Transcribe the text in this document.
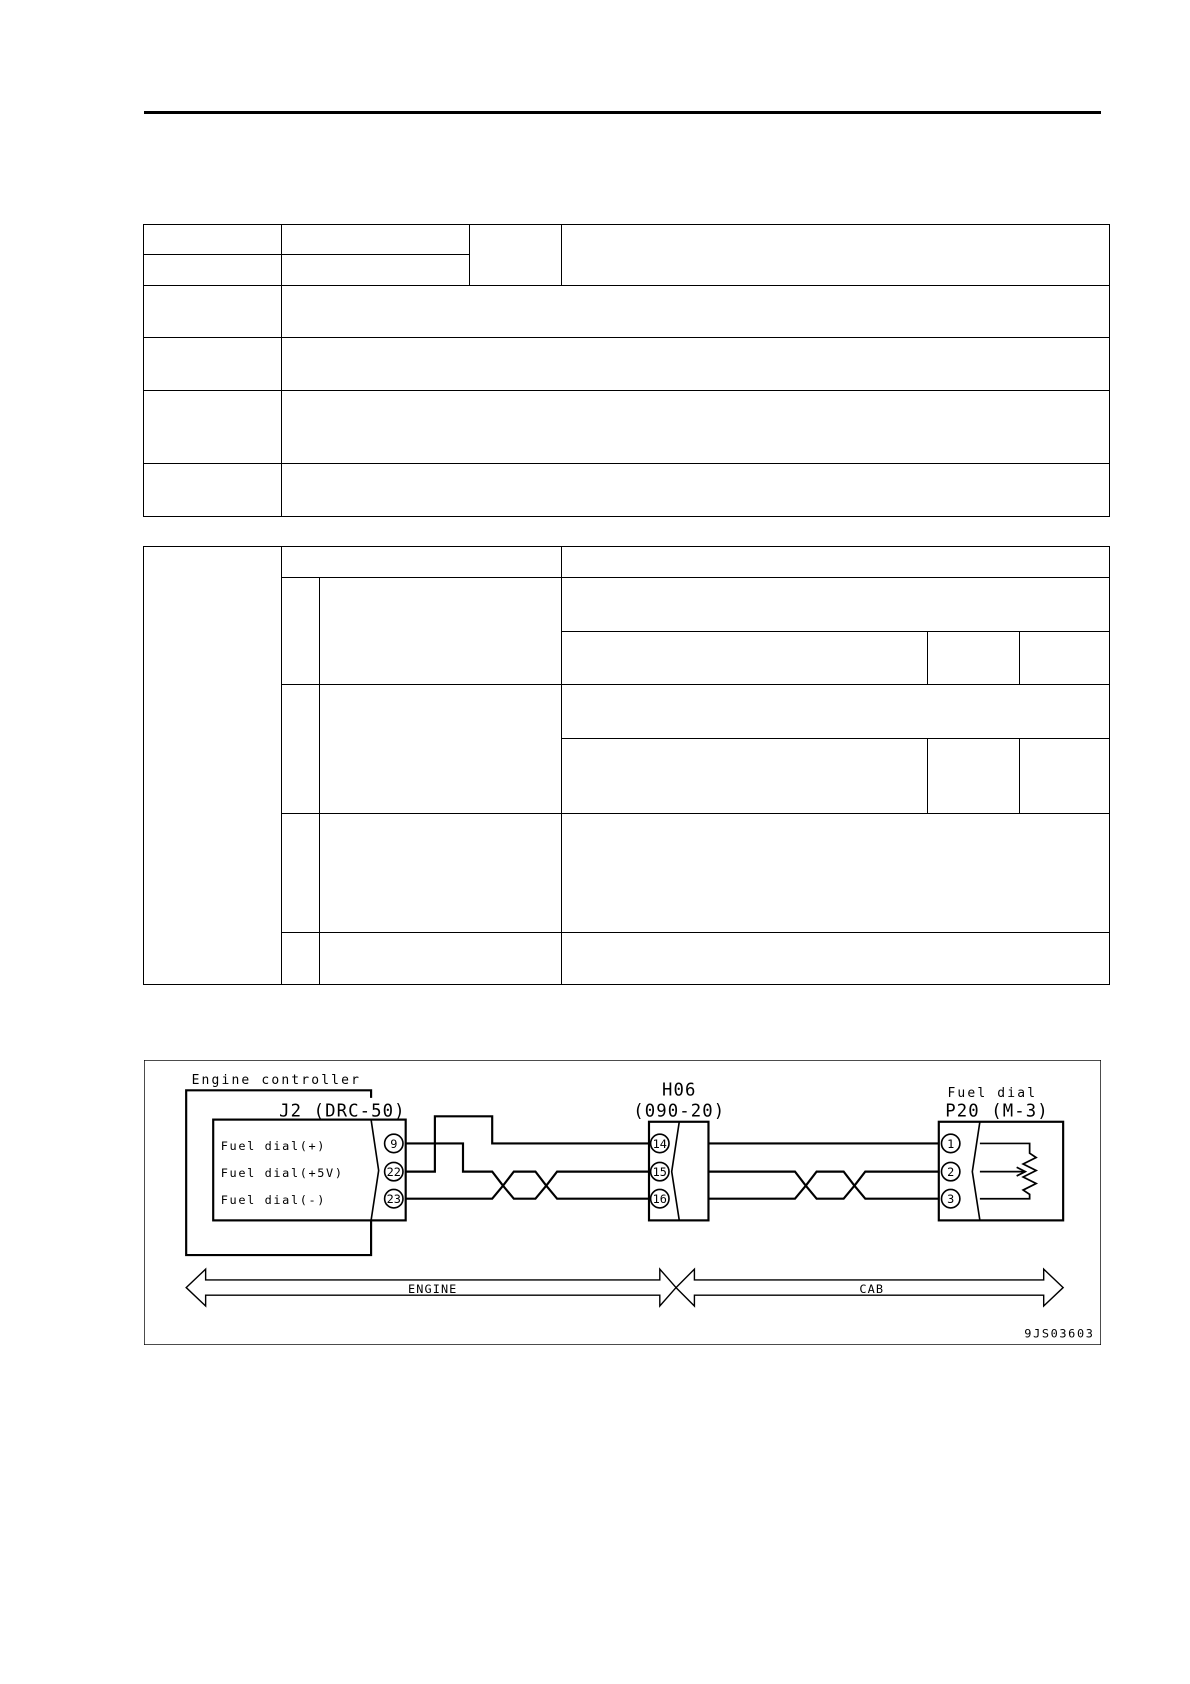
Engine controller
J2 (DRC-50)
Fuel dial(+)
Fuel dial(+5V)
Fuel dial(-)
9
22
23
H06
(090-20)
14
15
16
Fuel dial
P20 (M-3)
1
2
3
ENGINE	CAB
9JS03603
